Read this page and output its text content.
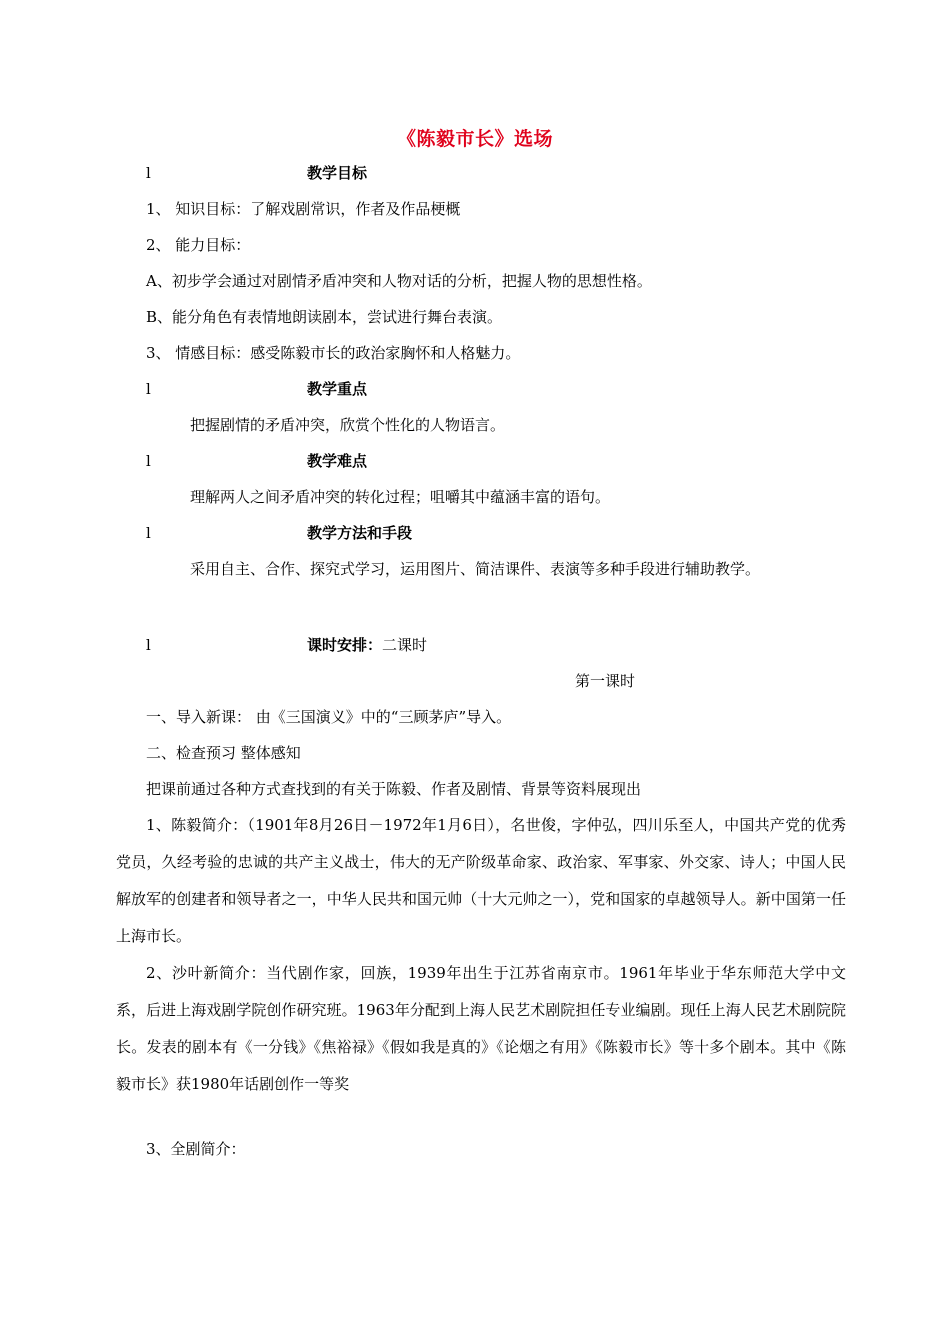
《陈毅市长》选场
l	教学目标
1、 知识目标：了解戏剧常识，作者及作品梗概
2、 能力目标：
A、初步学会通过对剧情矛盾冲突和人物对话的分析，把握人物的思想性格。
B、能分角色有表情地朗读剧本，尝试进行舞台表演。
3、 情感目标：感受陈毅市长的政治家胸怀和人格魅力。
l	教学重点
把握剧情的矛盾冲突，欣赏个性化的人物语言。
l	教学难点
理解两人之间矛盾冲突的转化过程；咀嚼其中蕴涵丰富的语句。
l	教学方法和手段
采用自主、合作、探究式学习，运用图片、简洁课件、表演等多种手段进行辅助教学。
l	课时安排：二课时
第一课时
一、导入新课： 由《三国演义》中的“三顾茅庐”导入。
二、检查预习 整体感知
把课前通过各种方式查找到的有关于陈毅、作者及剧情、背景等资料展现出
1、陈毅简介：（1901年8月26日－1972年1月6日），名世俊，字仲弘，四川乐至人，中国共产党的优秀党员，久经考验的忠诚的共产主义战士，伟大的无产阶级革命家、政治家、军事家、外交家、诗人；中国人民解放军的创建者和领导者之一，中华人民共和国元帅（十大元帅之一），党和国家的卓越领导人。新中国第一任上海市长。
2、沙叶新简介：当代剧作家，回族，1939年出生于江苏省南京市。1961年毕业于华东师范大学中文系，后进上海戏剧学院创作研究班。1963年分配到上海人民艺术剧院担任专业编剧。现任上海人民艺术剧院院长。发表的剧本有《一分钱》《焦裕禄》《假如我是真的》《论烟之有用》《陈毅市长》等十多个剧本。其中《陈毅市长》获1980年话剧创作一等奖
3、全剧简介：
